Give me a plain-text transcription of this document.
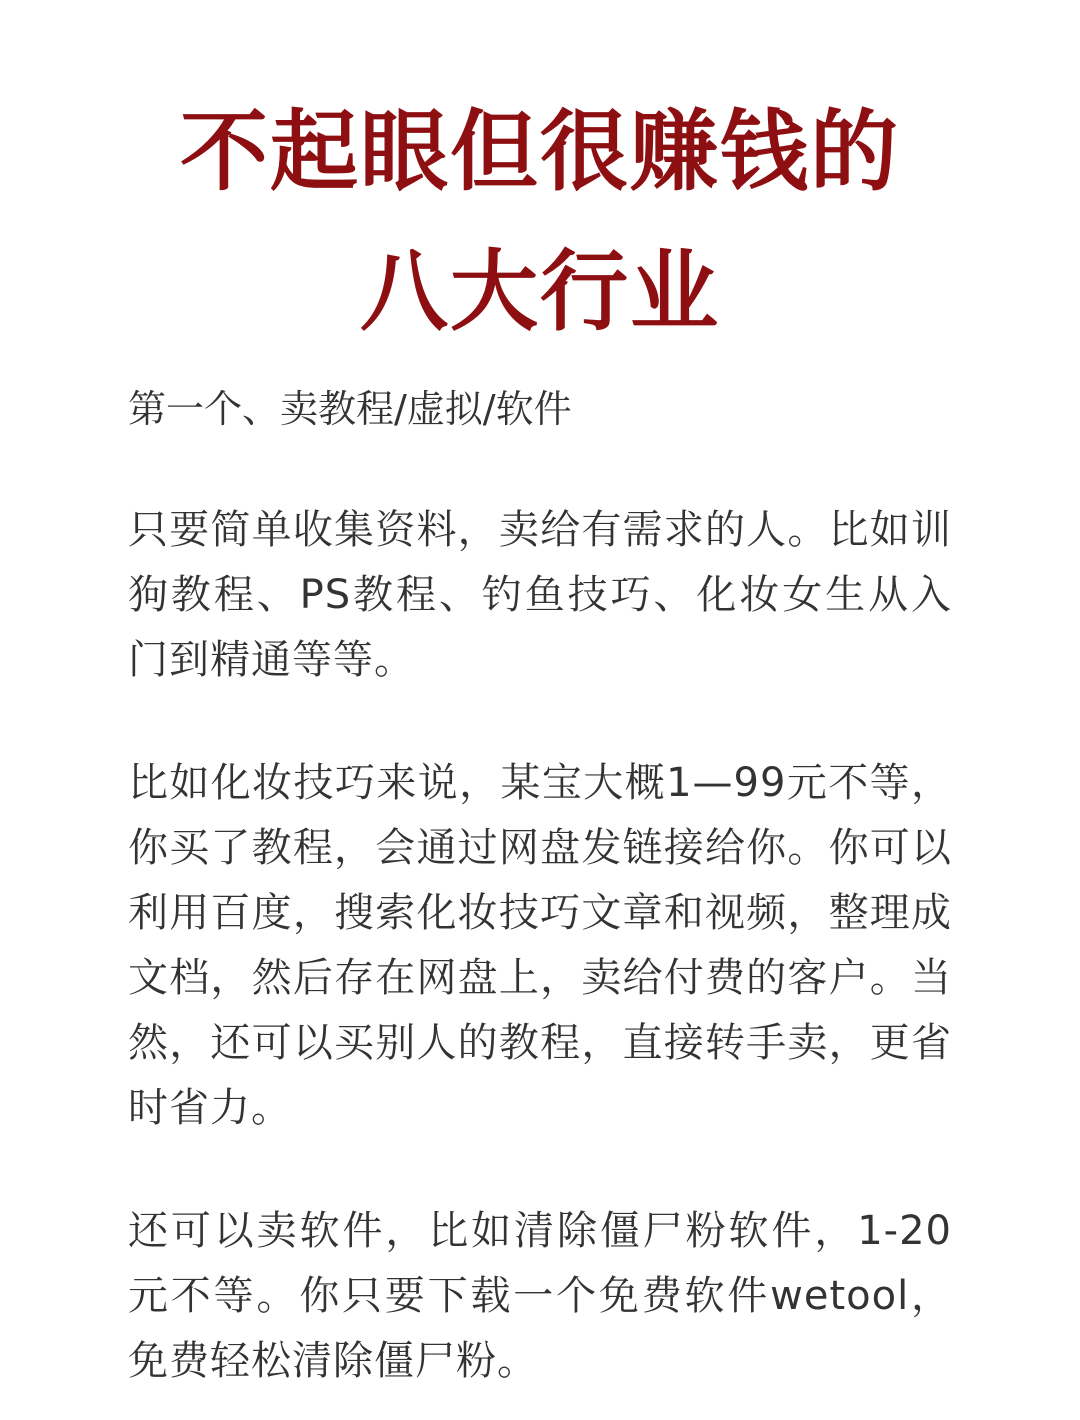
不起眼但很赚钱的
八大行业
第一个、卖教程/虚拟/软件

只要简单收集资料，卖给有需求的人。比如训狗教程、PS教程、钓鱼技巧、化妆女生从入门到精通等等。

比如化妆技巧来说，某宝大概1—99元不等，你买了教程，会通过网盘发链接给你。你可以利用百度，搜索化妆技巧文章和视频，整理成文档，然后存在网盘上，卖给付费的客户。当然，还可以买别人的教程，直接转手卖，更省时省力。

还可以卖软件，比如清除僵尸粉软件，1-20元不等。你只要下载一个免费软件wetool，免费轻松清除僵尸粉。
